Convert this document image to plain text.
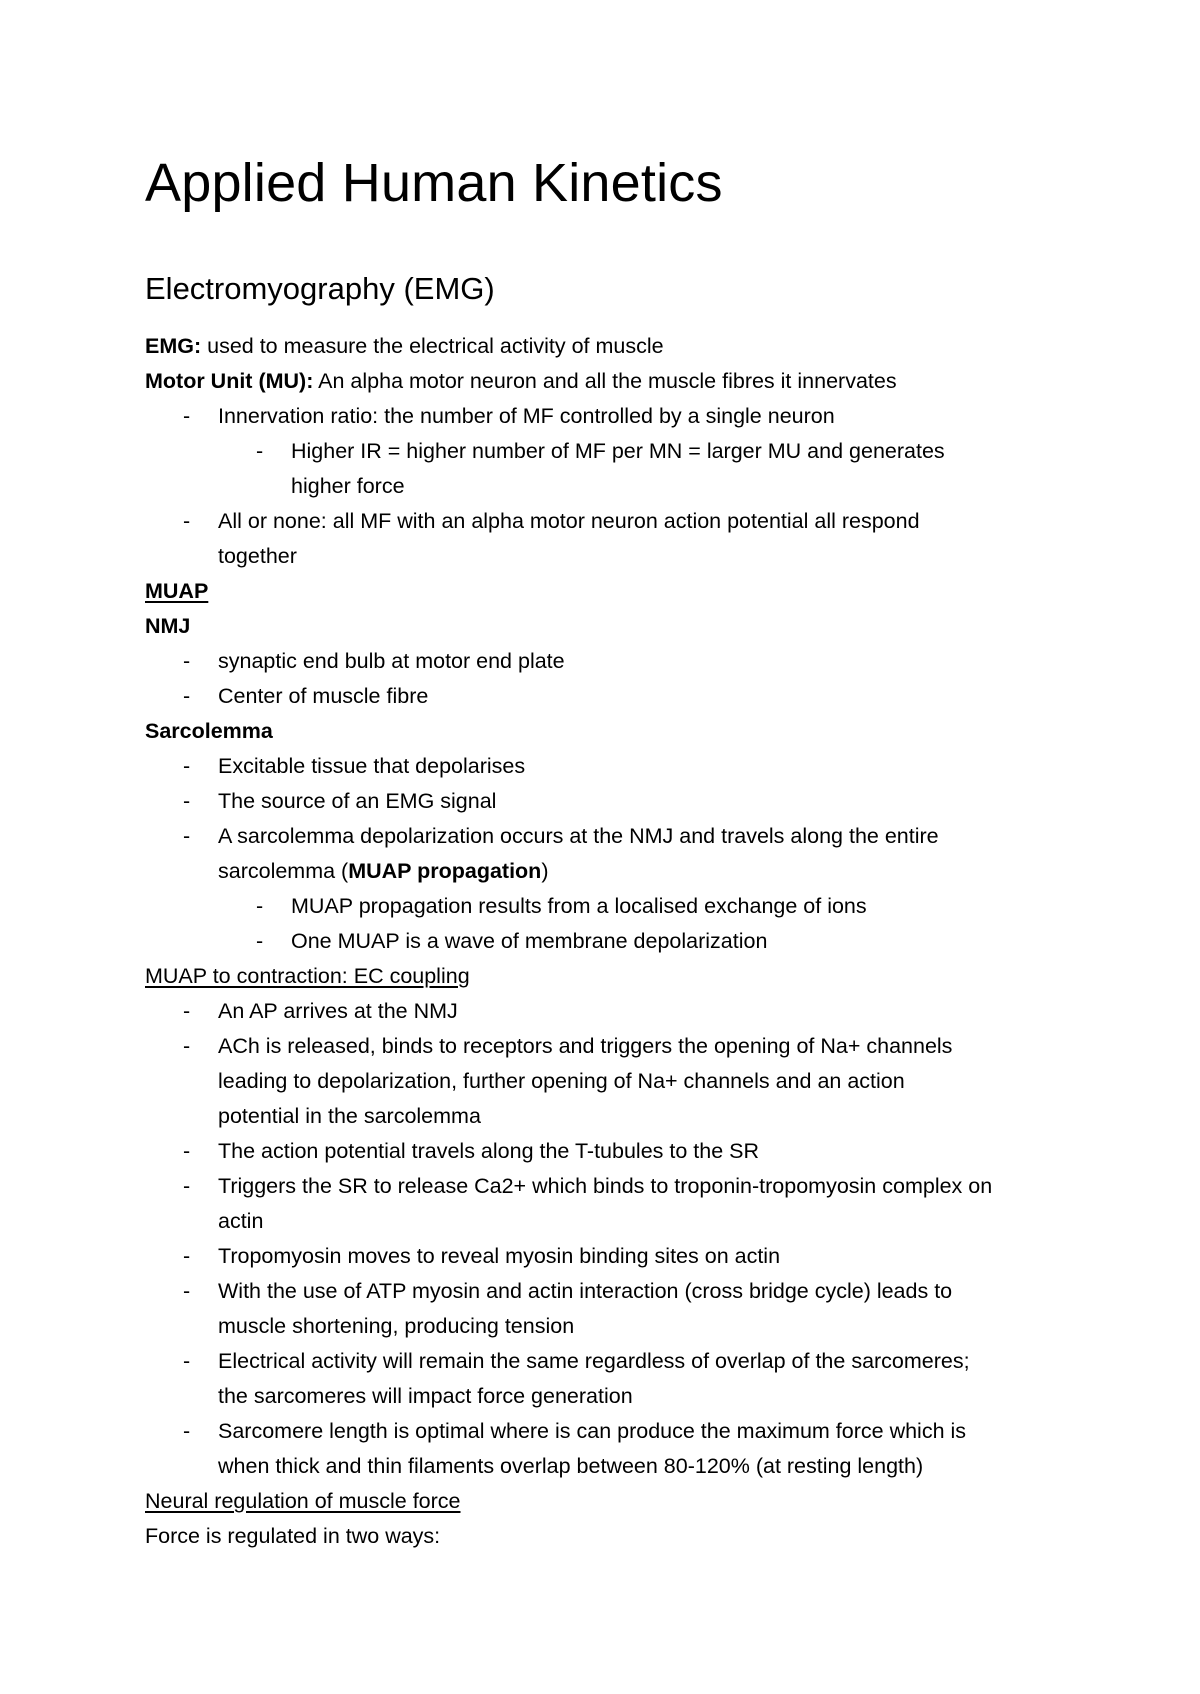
Applied Human Kinetics
Electromyography (EMG)
EMG: used to measure the electrical activity of muscle
Motor Unit (MU): An alpha motor neuron and all the muscle fibres it innervates
- Innervation ratio: the number of MF controlled by a single neuron
- Higher IR = higher number of MF per MN = larger MU and generates
higher force
- All or none: all MF with an alpha motor neuron action potential all respond
together
MUAP
NMJ
- synaptic end bulb at motor end plate
- Center of muscle fibre
Sarcolemma
- Excitable tissue that depolarises
- The source of an EMG signal
- A sarcolemma depolarization occurs at the NMJ and travels along the entire
sarcolemma (MUAP propagation)
- MUAP propagation results from a localised exchange of ions
- One MUAP is a wave of membrane depolarization
MUAP to contraction: EC coupling
- An AP arrives at the NMJ
- ACh is released, binds to receptors and triggers the opening of Na+ channels
leading to depolarization, further opening of Na+ channels and an action
potential in the sarcolemma
- The action potential travels along the T-tubules to the SR
- Triggers the SR to release Ca2+ which binds to troponin-tropomyosin complex on
actin
- Tropomyosin moves to reveal myosin binding sites on actin
- With the use of ATP myosin and actin interaction (cross bridge cycle) leads to
muscle shortening, producing tension
- Electrical activity will remain the same regardless of overlap of the sarcomeres;
the sarcomeres will impact force generation
- Sarcomere length is optimal where is can produce the maximum force which is
when thick and thin filaments overlap between 80-120% (at resting length)
Neural regulation of muscle force
Force is regulated in two ways:
